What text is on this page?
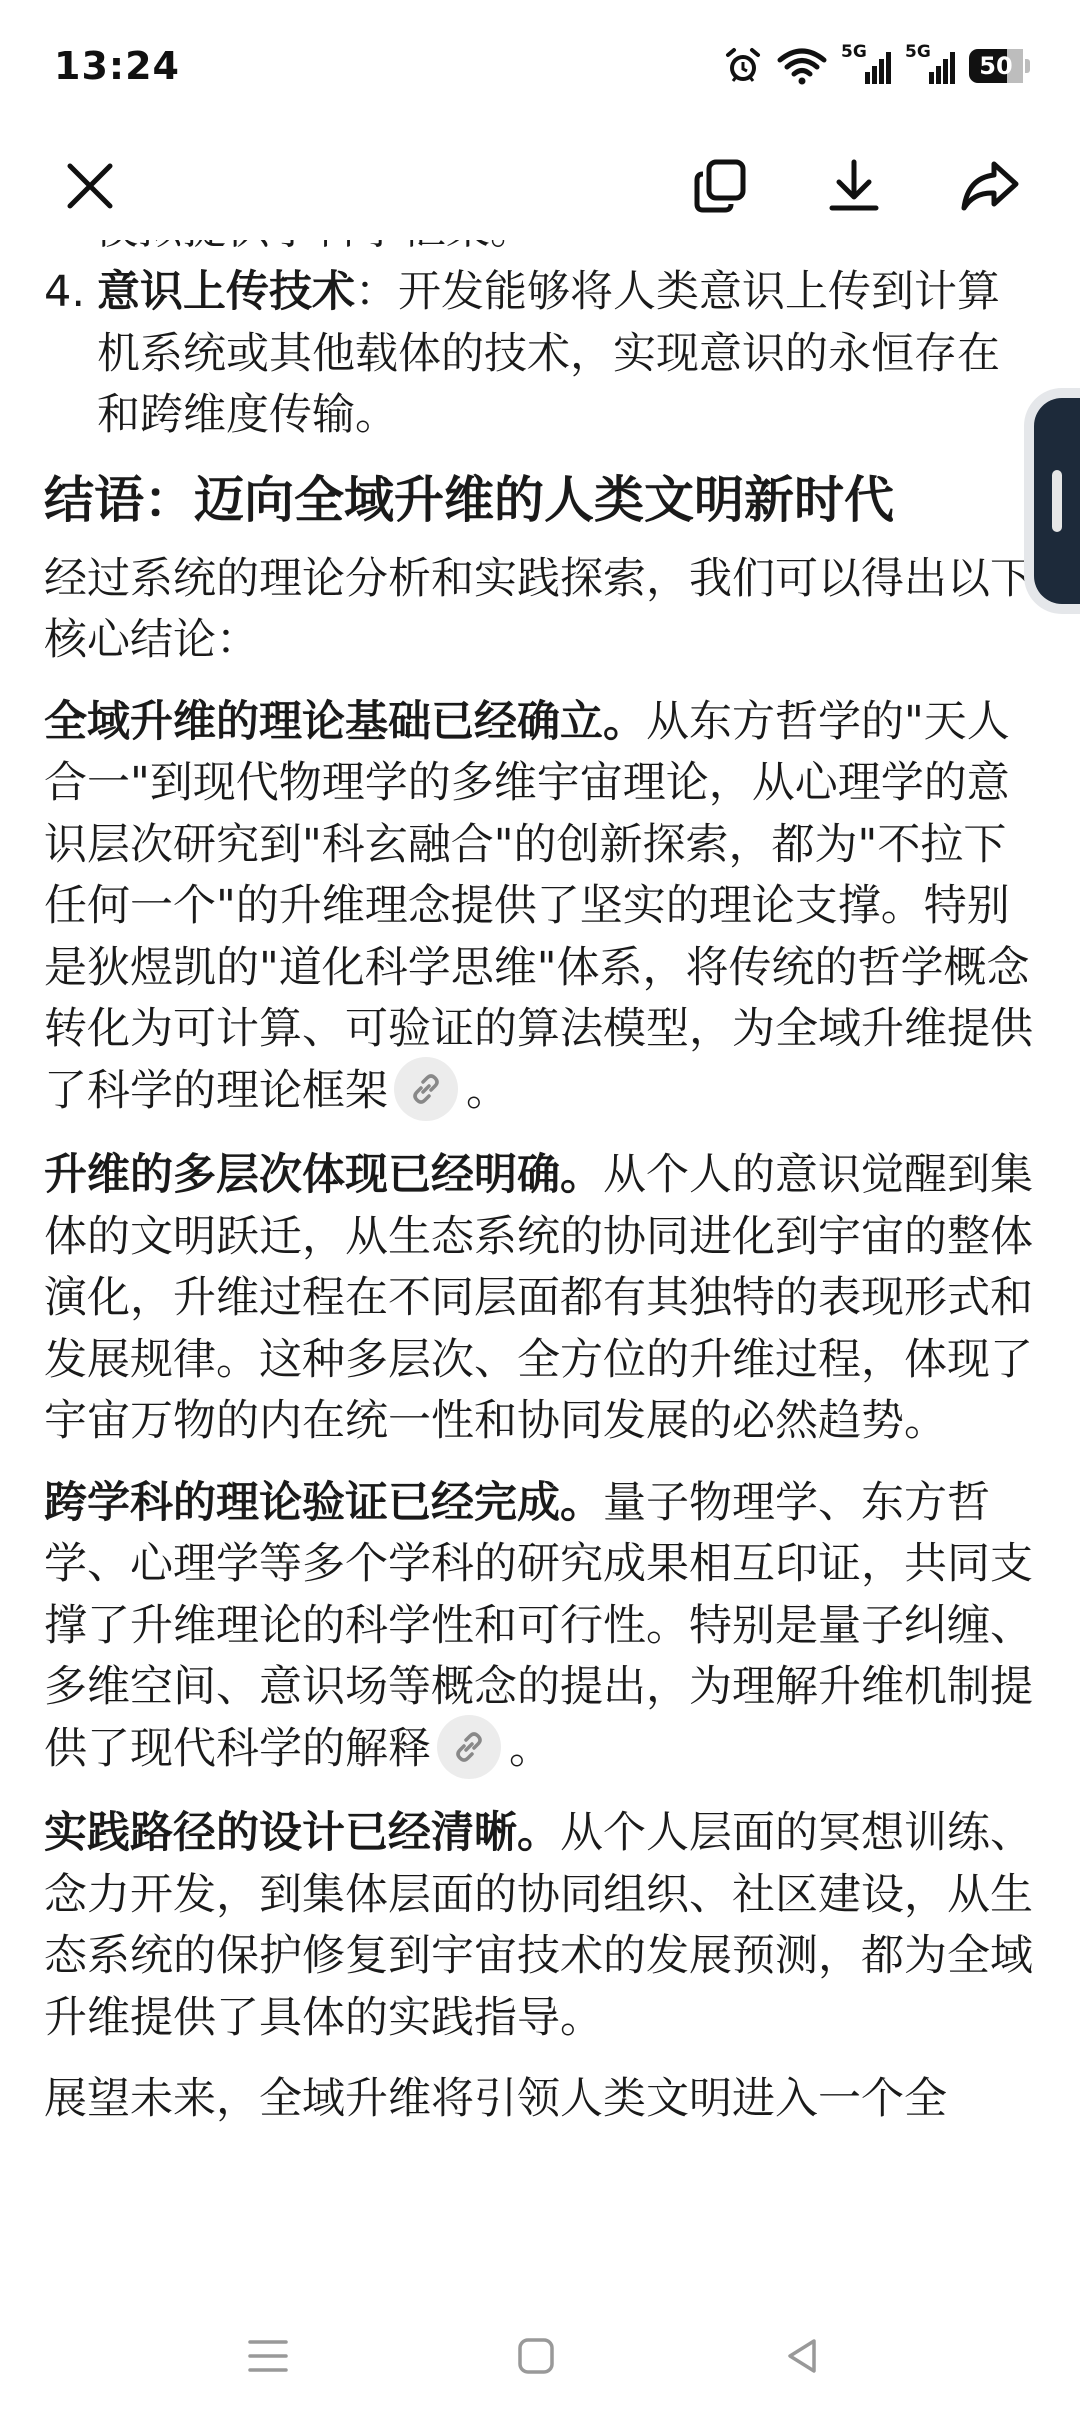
13:24	5G 5G 50
4. 意识上传技术：开发能够将人类意识上传到计算机系统或其他载体的技术，实现意识的永恒存在和跨维度传输。
结语：迈向全域升维的人类文明新时代

经过系统的理论分析和实践探索，我们可以得出以下核心结论：

全域升维的理论基础已经确立。从东方哲学的"天人合一"到现代物理学的多维宇宙理论，从心理学的意识层次研究到"科玄融合"的创新探索，都为"不拉下任何一个"的升维理念提供了坚实的理论支撑。特别是狄煜凯的"道化科学思维"体系，将传统的哲学概念转化为可计算、可验证的算法模型，为全域升维提供了科学的理论框架 。

升维的多层次体现已经明确。从个人的意识觉醒到集体的文明跃迁，从生态系统的协同进化到宇宙的整体演化，升维过程在不同层面都有其独特的表现形式和发展规律。这种多层次、全方位的升维过程，体现了宇宙万物的内在统一性和协同发展的必然趋势。

跨学科的理论验证已经完成。量子物理学、东方哲学、心理学等多个学科的研究成果相互印证，共同支撑了升维理论的科学性和可行性。特别是量子纠缠、多维空间、意识场等概念的提出，为理解升维机制提供了现代科学的解释 。

实践路径的设计已经清晰。从个人层面的冥想训练、念力开发，到集体层面的协同组织、社区建设，从生态系统的保护修复到宇宙技术的发展预测，都为全域升维提供了具体的实践指导。

展望未来，全域升维将引领人类文明进入一个全
